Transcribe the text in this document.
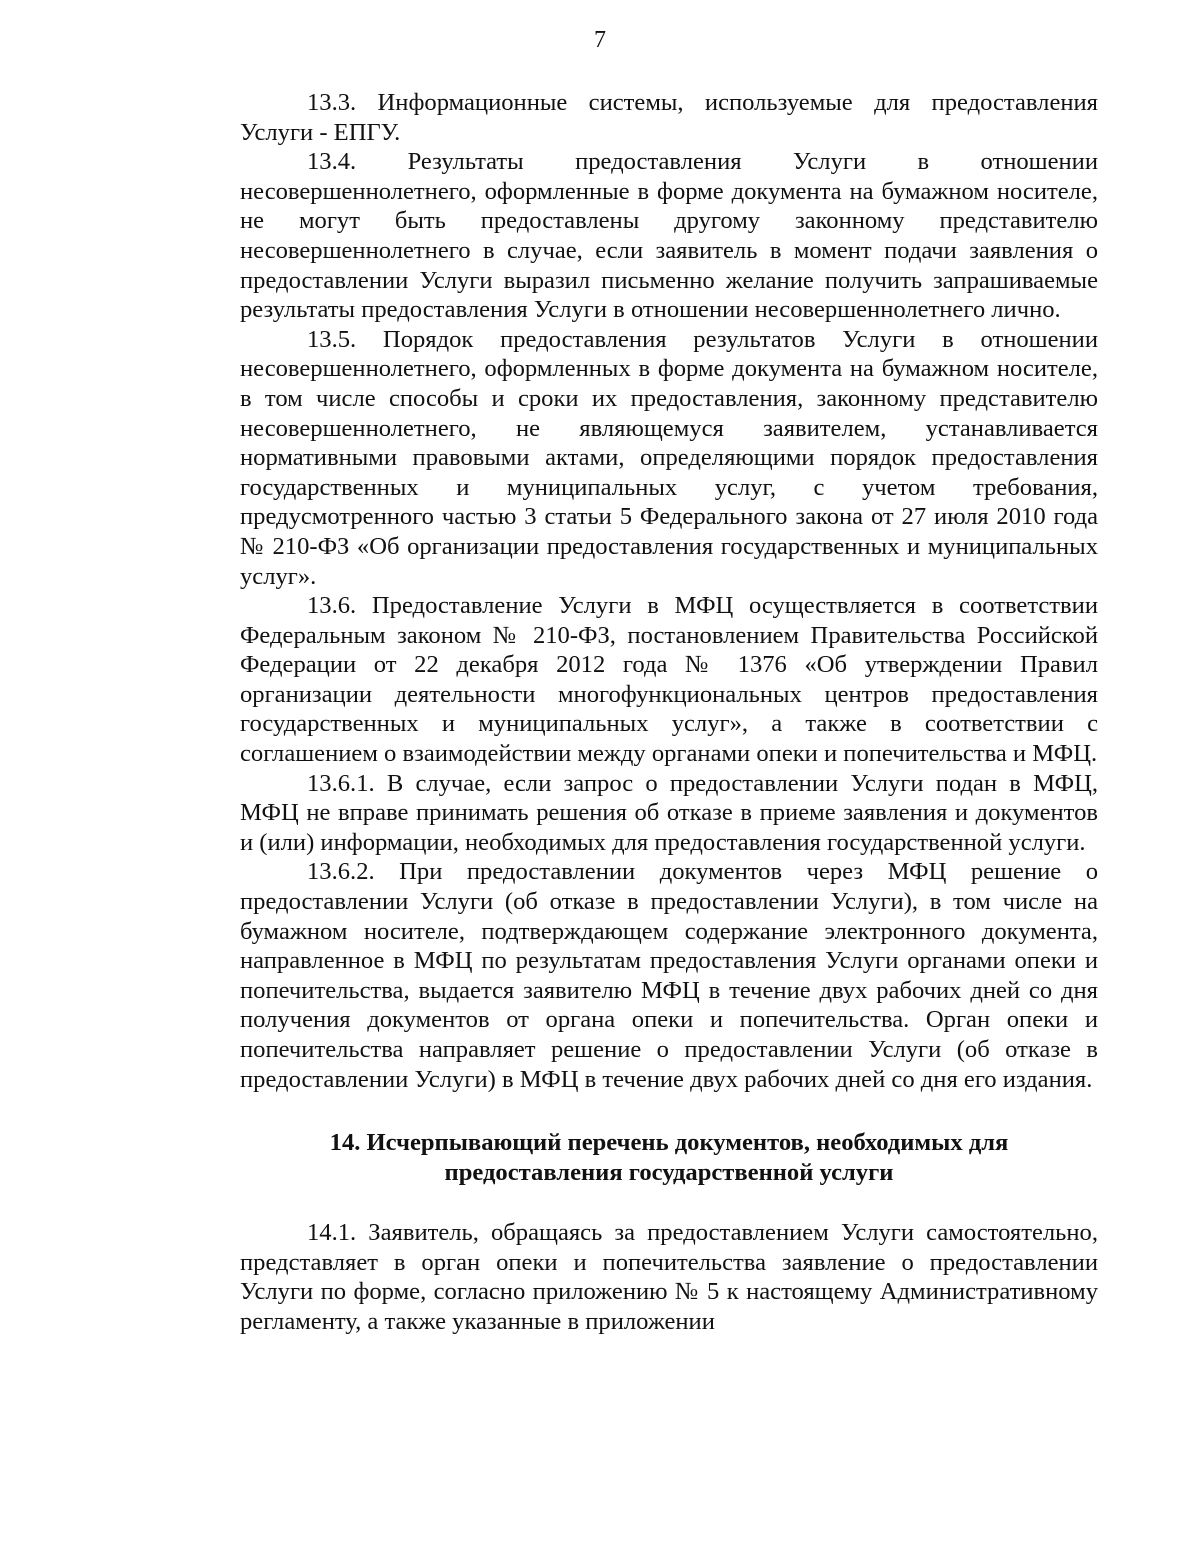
7

13.3. Информационные системы, используемые для предоставления Услуги - ЕПГУ.

13.4. Результаты предоставления Услуги в отношении несовершеннолетнего, оформленные в форме документа на бумажном носителе, не могут быть предоставлены другому законному представителю несовершеннолетнего в случае, если заявитель в момент подачи заявления о предоставлении Услуги выразил письменно желание получить запрашиваемые результаты предоставления Услуги в отношении несовершеннолетнего лично.

13.5. Порядок предоставления результатов Услуги в отношении несовершеннолетнего, оформленных в форме документа на бумажном носителе, в том числе способы и сроки их предоставления, законному представителю несовершеннолетнего, не являющемуся заявителем, устанавливается нормативными правовыми актами, определяющими порядок предоставления государственных и муниципальных услуг, с учетом требования, предусмотренного частью 3 статьи 5 Федерального закона от 27 июля 2010 года № 210-ФЗ «Об организации предоставления государственных и муниципальных услуг».

13.6. Предоставление Услуги в МФЦ осуществляется в соответствии Федеральным законом № 210-ФЗ, постановлением Правительства Российской Федерации от 22 декабря 2012 года № 1376 «Об утверждении Правил организации деятельности многофункциональных центров предоставления государственных и муниципальных услуг», а также в соответствии с соглашением о взаимодействии между органами опеки и попечительства и МФЦ.

13.6.1. В случае, если запрос о предоставлении Услуги подан в МФЦ, МФЦ не вправе принимать решения об отказе в приеме заявления и документов и (или) информации, необходимых для предоставления государственной услуги.

13.6.2. При предоставлении документов через МФЦ решение о предоставлении Услуги (об отказе в предоставлении Услуги), в том числе на бумажном носителе, подтверждающем содержание электронного документа, направленное в МФЦ по результатам предоставления Услуги органами опеки и попечительства, выдается заявителю МФЦ в течение двух рабочих дней со дня получения документов от органа опеки и попечительства. Орган опеки и попечительства направляет решение о предоставлении Услуги (об отказе в предоставлении Услуги) в МФЦ в течение двух рабочих дней со дня его издания.

14. Исчерпывающий перечень документов, необходимых для
предоставления государственной услуги

14.1. Заявитель, обращаясь за предоставлением Услуги самостоятельно, представляет в орган опеки и попечительства заявление о предоставлении Услуги по форме, согласно приложению № 5 к настоящему Административному регламенту, а также указанные в приложении
